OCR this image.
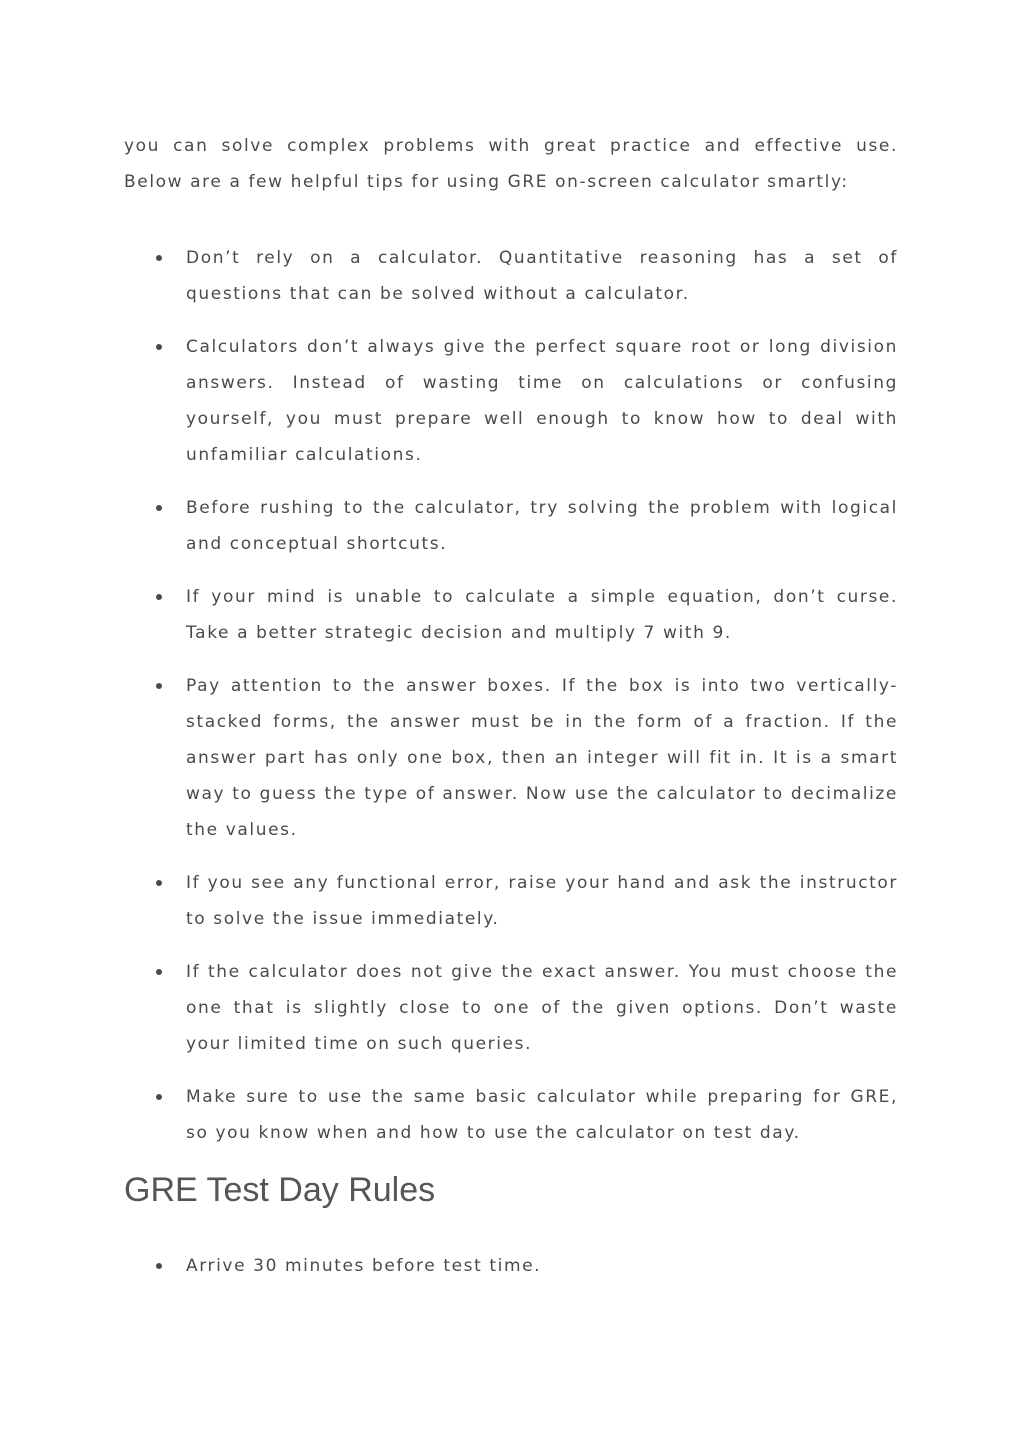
you can solve complex problems with great practice and effective use.
Below are a few helpful tips for using GRE on-screen calculator smartly:

Don’t rely on a calculator. Quantitative reasoning has a set of questions that can be solved without a calculator.
Calculators don’t always give the perfect square root or long division answers. Instead of wasting time on calculations or confusing yourself, you must prepare well enough to know how to deal with unfamiliar calculations.
Before rushing to the calculator, try solving the problem with logical and conceptual shortcuts.
If your mind is unable to calculate a simple equation, don’t curse. Take a better strategic decision and multiply 7 with 9.
Pay attention to the answer boxes. If the box is into two vertically-stacked forms, the answer must be in the form of a fraction. If the answer part has only one box, then an integer will fit in. It is a smart way to guess the type of answer. Now use the calculator to decimalize the values.
If you see any functional error, raise your hand and ask the instructor to solve the issue immediately.
If the calculator does not give the exact answer. You must choose the one that is slightly close to one of the given options. Don’t waste your limited time on such queries.
Make sure to use the same basic calculator while preparing for GRE, so you know when and how to use the calculator on test day.
GRE Test Day Rules
Arrive 30 minutes before test time.
